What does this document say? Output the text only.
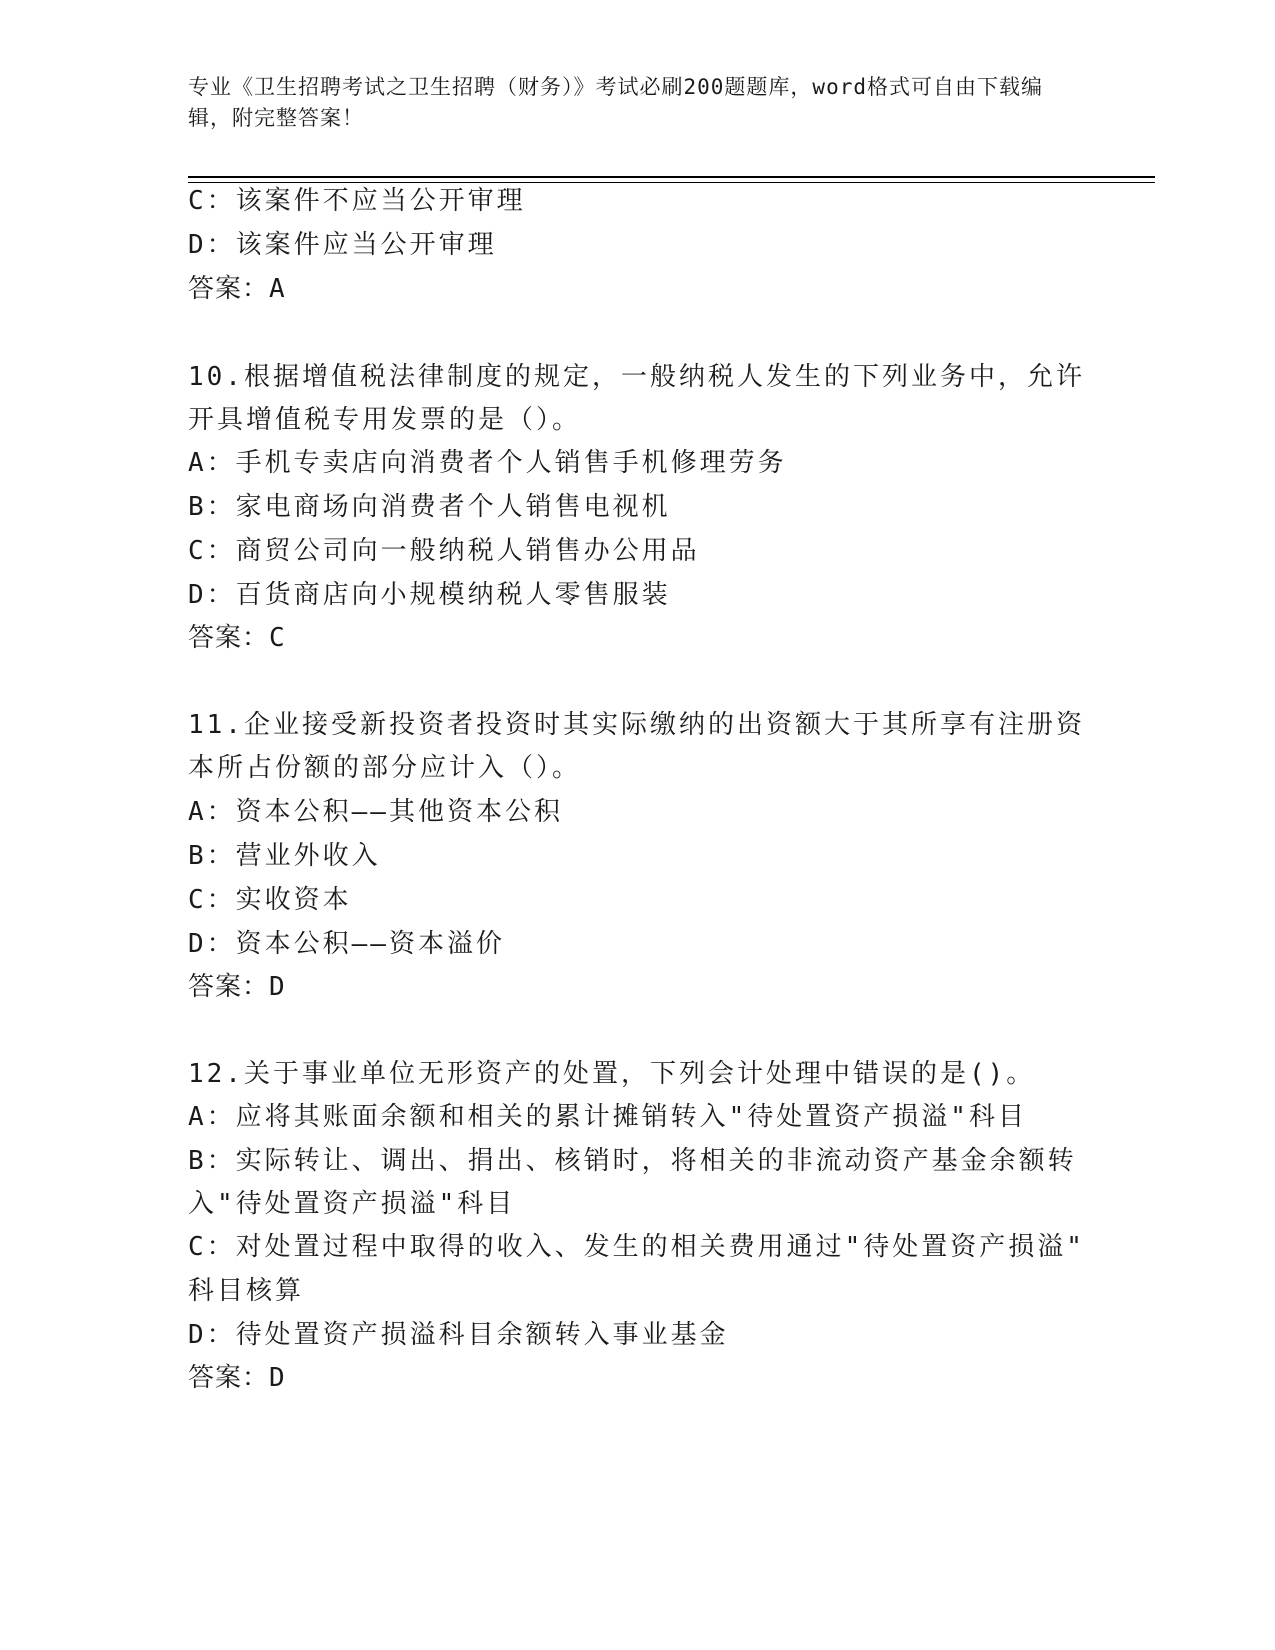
专业《卫生招聘考试之卫生招聘（财务）》考试必刷200题题库，word格式可自由下载编辑，附完整答案！
C：该案件不应当公开审理
D：该案件应当公开审理
答案：A
10.根据增值税法律制度的规定，一般纳税人发生的下列业务中，允许
开具增值税专用发票的是（）。
A：手机专卖店向消费者个人销售手机修理劳务
B：家电商场向消费者个人销售电视机
C：商贸公司向一般纳税人销售办公用品
D：百货商店向小规模纳税人零售服装
答案：C
11.企业接受新投资者投资时其实际缴纳的出资额大于其所享有注册资
本所占份额的部分应计入（）。
A：资本公积——其他资本公积
B：营业外收入
C：实收资本
D：资本公积——资本溢价
答案：D
12.关于事业单位无形资产的处置，下列会计处理中错误的是()。
A：应将其账面余额和相关的累计摊销转入"待处置资产损溢"科目
B：实际转让、调出、捐出、核销时，将相关的非流动资产基金余额转
入"待处置资产损溢"科目
C：对处置过程中取得的收入、发生的相关费用通过"待处置资产损溢"
科目核算
D：待处置资产损溢科目余额转入事业基金
答案：D
